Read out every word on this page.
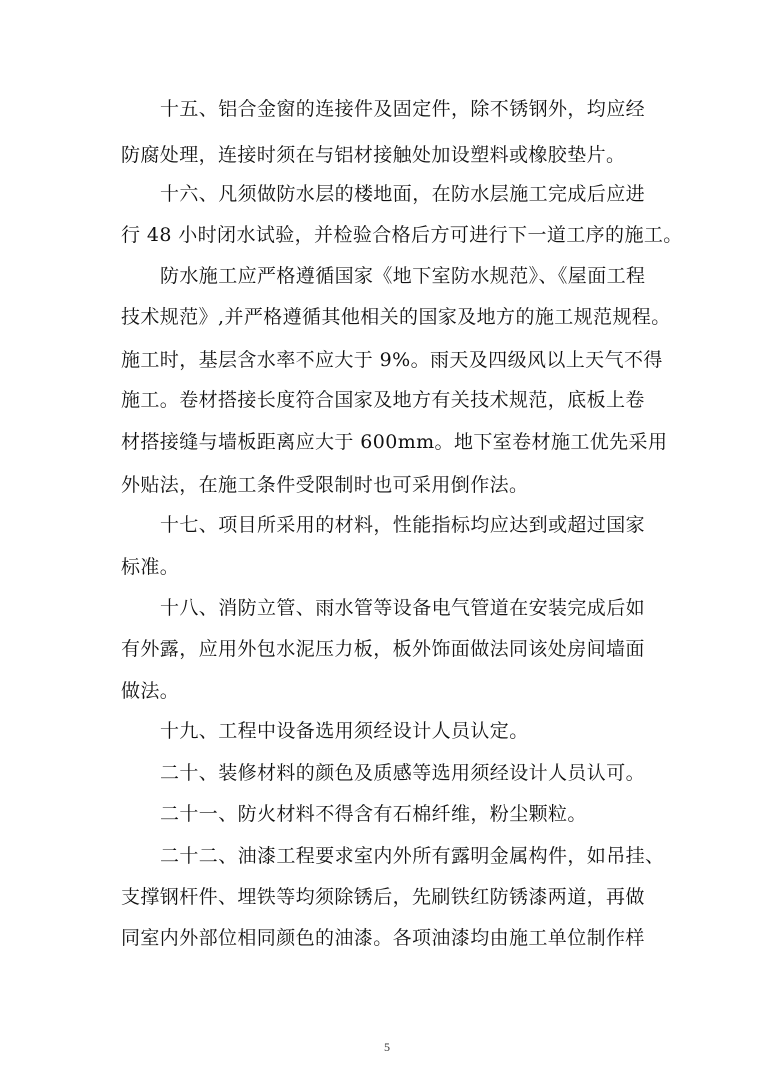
十五、铝合金窗的连接件及固定件，除不锈钢外，均应经
防腐处理，连接时须在与铝材接触处加设塑料或橡胶垫片。
十六、凡须做防水层的楼地面，在防水层施工完成后应进
行 48 小时闭水试验，并检验合格后方可进行下一道工序的施工。
防水施工应严格遵循国家《地下室防水规范》、《屋面工程
技术规范》,并严格遵循其他相关的国家及地方的施工规范规程。
施工时，基层含水率不应大于 9%。雨天及四级风以上天气不得
施工。卷材搭接长度符合国家及地方有关技术规范，底板上卷
材搭接缝与墙板距离应大于 600mm。地下室卷材施工优先采用
外贴法，在施工条件受限制时也可采用倒作法。
十七、项目所采用的材料，性能指标均应达到或超过国家
标准。
十八、消防立管、雨水管等设备电气管道在安装完成后如
有外露，应用外包水泥压力板，板外饰面做法同该处房间墙面
做法。
十九、工程中设备选用须经设计人员认定。
二十、装修材料的颜色及质感等选用须经设计人员认可。
二十一、防火材料不得含有石棉纤维，粉尘颗粒。
二十二、油漆工程要求室内外所有露明金属构件，如吊挂、
支撑钢杆件、埋铁等均须除锈后，先刷铁红防锈漆两道，再做
同室内外部位相同颜色的油漆。各项油漆均由施工单位制作样
5
